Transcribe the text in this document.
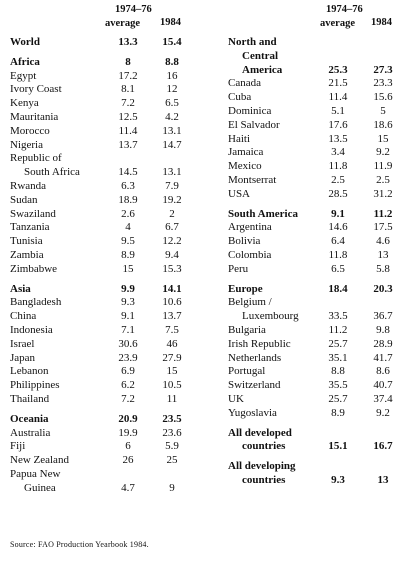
1974–76
average 1984
World	13.3	15.4
Africa	8	8.8
Egypt	17.2	16
Ivory Coast	8.1	12
Kenya	7.2	6.5
Mauritania	12.5	4.2
Morocco	11.4	13.1
Nigeria	13.7	14.7
Republic of
South Africa	14.5	13.1
Rwanda	6.3	7.9
Sudan	18.9	19.2
Swaziland	2.6	2
Tanzania	4	6.7
Tunisia	9.5	12.2
Zambia	8.9	9.4
Zimbabwe	15	15.3
Asia	9.9	14.1
Bangladesh	9.3	10.6
China	9.1	13.7
Indonesia	7.1	7.5
Israel	30.6	46
Japan	23.9	27.9
Lebanon	6.9	15
Philippines	6.2	10.5
Thailand	7.2	11
Oceania	20.9	23.5
Australia	19.9	23.6
Fiji	6	5.9
New Zealand	26	25
Papua New
Guinea	4.7	9
1974–76
average 1984
North and
Central
America	25.3	27.3
Canada	21.5	23.3
Cuba	11.4	15.6
Dominica	5.1	5
El Salvador	17.6	18.6
Haiti	13.5	15
Jamaica	3.4	9.2
Mexico	11.8	11.9
Montserrat	2.5	2.5
USA	28.5	31.2
South America	9.1	11.2
Argentina	14.6	17.5
Bolivia	6.4	4.6
Colombia	11.8	13
Peru	6.5	5.8
Europe	18.4	20.3
Belgium /
Luxembourg	33.5	36.7
Bulgaria	11.2	9.8
Irish Republic	25.7	28.9
Netherlands	35.1	41.7
Portugal	8.8	8.6
Switzerland	35.5	40.7
UK	25.7	37.4
Yugoslavia	8.9	9.2
All developed
countries	15.1	16.7
All developing
countries	9.3	13
Source: FAO Production Yearbook 1984.
